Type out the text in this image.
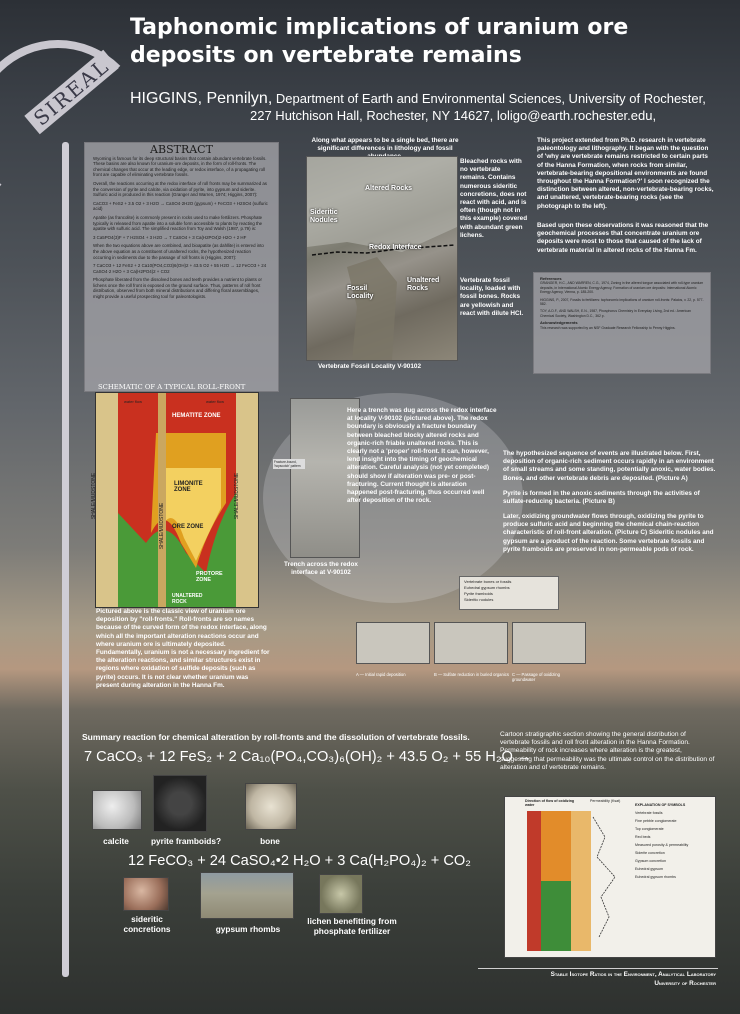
SIREAL
Taphonomic implications of uranium ore deposits on vertebrate remains
HIGGINS, Pennilyn, Department of Earth and Environmental Sciences, University of Rochester,
227 Hutchison Hall, Rochester, NY 14627, loligo@earth.rochester.edu,
ABSTRACT

Wyoming is famous for its deep structural basins that contain abundant vertebrate fossils. These basins are also known for uranium-ore deposits, in the form of roll-fronts. The chemical changes that occur at the leading edge, or redox interface, of a propagating roll front are capable of eliminating vertebrate fossils.

Overall, the reactions occurring at the redox interface of roll fronts may be summarized as the conversion of pyrite and calcite, via oxidation of pyrite, into gypsum and siderite. Sulfuric acid is produced in this reaction (Granger and Warren, 1974; Higgins, 2007):

CaCO3 + FeS2 + 3.5 O2 + 3 H2O → CaSO4·2H2O (gypsum) + FeCO3 + H2SO4 (sulfuric acid)

Apatite (as francolite) is commonly present in rocks used to make fertilizers. Phosphate typically is released from apatite into a soluble form accessible to plants by reacting the apatite with sulfuric acid. The simplified reaction from Toy and Walsh (1987, p.79) is:

3 Ca5PO4(3)F + 7 H2SO4 + 3 H2O → 7 CaSO4 + 3 Ca(H2PO4)2·H2O + 2 HF

When the two equations above are combined, and bioapatite (as dahllite) is entered into the above equation as a constituent of unaltered rocks, the hypothesized reaction occurring in sediments due to the passage of roll fronts is (Higgins, 2007):

7 CaCO3 + 12 FeS2 + 2 Ca10(PO4,CO3)6(OH)2 + 43.5 O2 + 55 H2O → 12 FeCO3 + 24 CaSO4·2 H2O + 3 Ca(H2PO4)2 + CO2

Phosphate liberated from the dissolved bones and teeth provides a nutrient to plants or lichens once the roll front is exposed on the ground surface. Thus, patterns of roll front distribution, observed from both mineral distributions and differing floral assemblages, might provide a useful prospecting tool for paleontologists.

Along what appears to be a single bed, there are significant differences in lithology and fossil
Altered Rocks
Sideritic Nodules
Redox Interface
Unaltered Rocks
Fossil Locality
Vertebrate Fossil Locality V-90102
Bleached rocks with no vertebrate remains. Contains numerous sideritic concretions, does not react with acid, and is often (though not in this example) covered with abundant green lichens.
Vertebrate fossil locality, loaded with fossil bones. Rocks are yellowish and react with dilute HCl.
This project extended from Ph.D. research in vertebrate paleontology and lithography. It began with the question of 'why are vertebrate remains restricted to certain parts of the Hanna Formation, when rocks from similar, vertebrate-bearing depositional environments are found throughout the Hanna Formation?' I soon recognized the distinction between altered, non-vertebrate-bearing rocks, and unaltered, vertebrate-bearing rocks (see the photograph to the left).
Based upon these observations it was reasoned that the geochemical processes that concentrate uranium ore deposits were most to those that caused of the lack of vertebrate material in altered rocks of the Hanna Fm.
References

GRANGER, H.C., AND WARREN, C.G., 1974, Zoning in the altered tongue associated with roll-type uranium deposits, in International Atomic Energy Agency, Formation of uranium ore deposits: International Atomic Energy Agency, Vienna, p. 185-200.

HIGGINS, P., 2007, Fossils to fertilizers: taphonomic implications of uranium roll-fronts: Palaios, v. 22, p. 577-582.

TOY, A.D.F., AND WALSH, E.N., 1987, Phosphorus Chemistry in Everyday Living, 2nd ed.: American Chemical Society, Washington D.C., 362 p.

Acknowledgements

This research was supported by an NSF Graduate Research Fellowship to Penny Higgins.

SCHEMATIC OF A TYPICAL ROLL-FRONT
water flow	water flow
HEMATITE ZONE
LIMONITE ZONE
ORE ZONE
PROTORE ZONE
UNALTERED ROCK
SHALE/MUDSTONE
SHALE/MUDSTONE
SHALE/MUDSTONE
Pictured above is the classic view of uranium ore deposition by "roll-fronts." Roll-fronts are so names because of the curved form of the redox interface, along which all the important alteration reactions occur and where uranium ore is ultimately deposited. Fundamentally, uranium is not a necessary ingredient for the alteration reactions, and similar structures exist in regions where oxidation of sulfide deposits (such as pyrite) occurs. It is not clear whether uranium was present during alteration in the Hanna Fm.
Fracture-bound, 'hopscotch' pattern
Trench across the redox interface at V-90102
Here a trench was dug across the redox interface at locality V-90102 (pictured above). The redox boundary is obviously a fracture boundary between bleached blocky altered rocks and organic-rich friable unaltered rocks. This is clearly not a 'proper' roll-front. It can, however, lend insight into the timing of geochemical alteration. Careful analysis (not yet completed) should show if alteration was pre- or post-fracturing. Current thought is alteration happened post-fracturing, thus occurred well after deposition of the rock.
The hypothesized sequence of events are illustrated below. First, deposition of organic-rich sediment occurs rapidly in an environment of small streams and some standing, potentially anoxic, water bodies. Bones, and other vertebrate debris are deposited. (Picture A)
Pyrite is formed in the anoxic sediments through the activities of sulfate-reducing bacteria. (Picture B)
Later, oxidizing groundwater flows through, oxidizing the pyrite to produce sulfuric acid and beginning the chemical chain-reaction characteristic of roll-front alteration. (Picture C) Sideritic nodules and gypsum are a product of the reaction. Some vertebrate fossils and pyrite framboids are preserved in non-permeable pods of rock.
Vertebrate bones or fossils
Euhedral gypsum rhombs
Pyrite framboids
Sideritic nodules
A — Initial rapid deposition	B — Sulfate reduction in buried organics C — Passage of oxidizing groundwater
Summary reaction for chemical alteration by roll-fronts and the dissolution of vertebrate fossils.
7 CaCO₃ + 12 FeS₂ + 2 Ca₁₀(PO₄,CO₃)₆(OH)₂ + 43.5 O₂ + 55 H₂O →
calcite	pyrite framboids?	bone
12 FeCO₃ + 24 CaSO₄•2 H₂O + 3 Ca(H₂PO₄)₂ + CO₂
sideritic concretions	gypsum rhombs
lichen benefitting from phosphate fertilizer
Cartoon stratigraphic section showing the general distribution of vertebrate fossils and roll front alteration in the Hanna Formation. Permeability of rock increases where alteration is the greatest, suggesting that permeability was the ultimate control on the distribution of alteration and of vertebrate remains.
Direction of flow of oxidizing water
Permeability (Ksat)
EXPLANATION OF SYMBOLS
Vertebrate fossils
Fine pebble conglomerate
Top conglomerate
Red beds
Measured porosity & permeability
Siderite concretion
Gypsum concretion
Euhedral gypsum
Euhedral gypsum rhombs
Stable Isotope Ratios in the Environment, Analytical Laboratory
University of Rochester
